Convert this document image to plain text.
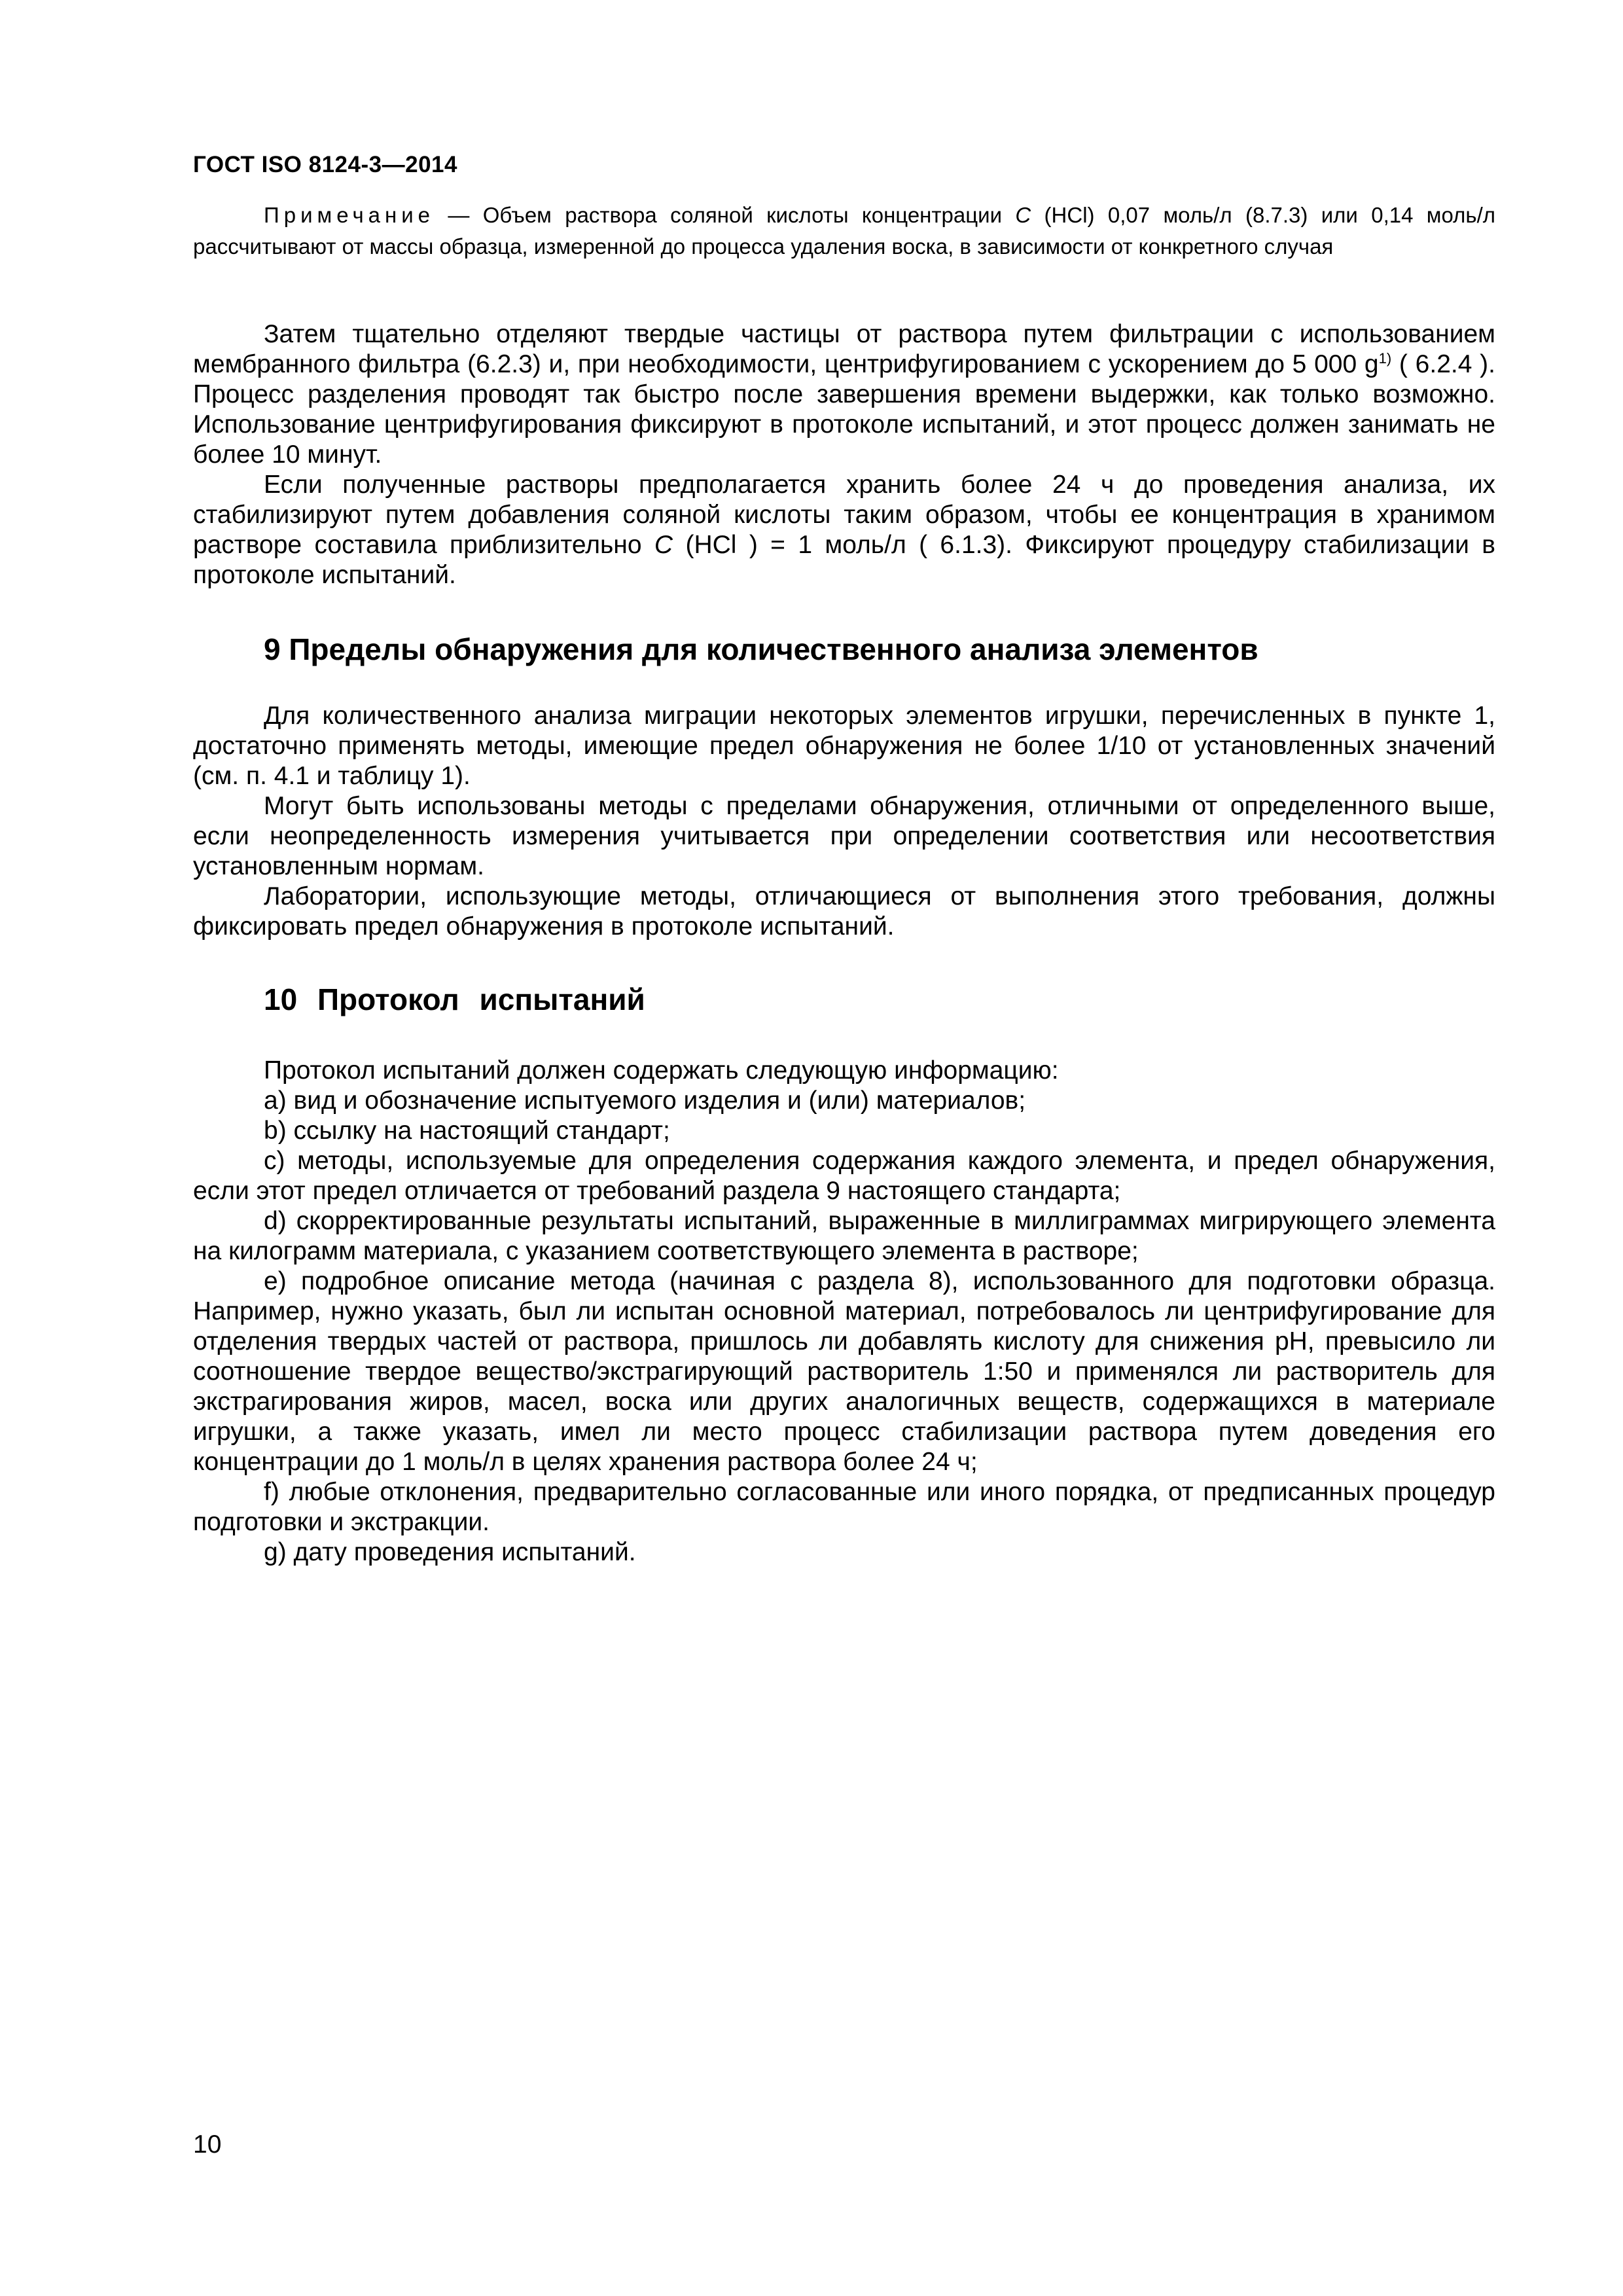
ГОСТ ISO 8124-3—2014

Примечание — Объем раствора соляной кислоты концентрации C (HCl) 0,07 моль/л (8.7.3) или 0,14 моль/л рассчитывают от массы образца, измеренной до процесса удаления воска, в зависимости от конкретного случая

Затем тщательно отделяют твердые частицы от раствора путем фильтрации с использованием мембранного фильтра (6.2.3) и, при необходимости, центрифугированием с ускорением до 5 000 $g^{1)}$ ( 6.2.4 ). Процесс разделения проводят так быстро после завершения времени выдержки, как только возможно. Использование центрифугирования фиксируют в протоколе испытаний, и этот процесс должен занимать не более 10 минут.

Если полученные растворы предполагается хранить более 24 ч до проведения анализа, их стабилизируют путем добавления соляной кислоты таким образом, чтобы ее концентрация в хранимом растворе составила приблизительно C (HCl ) = 1 моль/л ( 6.1.3). Фиксируют процедуру стабилизации в протоколе испытаний.

9 Пределы обнаружения для количественного анализа элементов

Для количественного анализа миграции некоторых элементов игрушки, перечисленных в пункте 1, достаточно применять методы, имеющие предел обнаружения не более 1/10 от установленных значений (см. п. 4.1 и таблицу 1).

Могут быть использованы методы с пределами обнаружения, отличными от определенного выше, если неопределенность измерения учитывается при определении соответствия или несоответствия установленным нормам.

Лаборатории, использующие методы, отличающиеся от выполнения этого требования, должны фиксировать предел обнаружения в протоколе испытаний.

10 Протокол испытаний

Протокол испытаний должен содержать следующую информацию:

a) вид и обозначение испытуемого изделия и (или) материалов;

b) ссылку на настоящий стандарт;

c) методы, используемые для определения содержания каждого элемента, и предел обнаружения, если этот предел отличается от требований раздела 9 настоящего стандарта;

d) скорректированные результаты испытаний, выраженные в миллиграммах мигрирующего элемента на килограмм материала, с указанием соответствующего элемента в растворе;

e) подробное описание метода (начиная с раздела 8), использованного для подготовки образца. Например, нужно указать, был ли испытан основной материал, потребовалось ли центрифугирование для отделения твердых частей от раствора, пришлось ли добавлять кислоту для снижения pH, превысило ли соотношение твердое вещество/экстрагирующий растворитель 1:50 и применялся ли растворитель для экстрагирования жиров, масел, воска или других аналогичных веществ, содержащихся в материале игрушки, а также указать, имел ли место процесс стабилизации раствора путем доведения его концентрации до 1 моль/л в целях хранения раствора более 24 ч;

f) любые отклонения, предварительно согласованные или иного порядка, от предписанных процедур подготовки и экстракции.

g) дату проведения испытаний.

10
